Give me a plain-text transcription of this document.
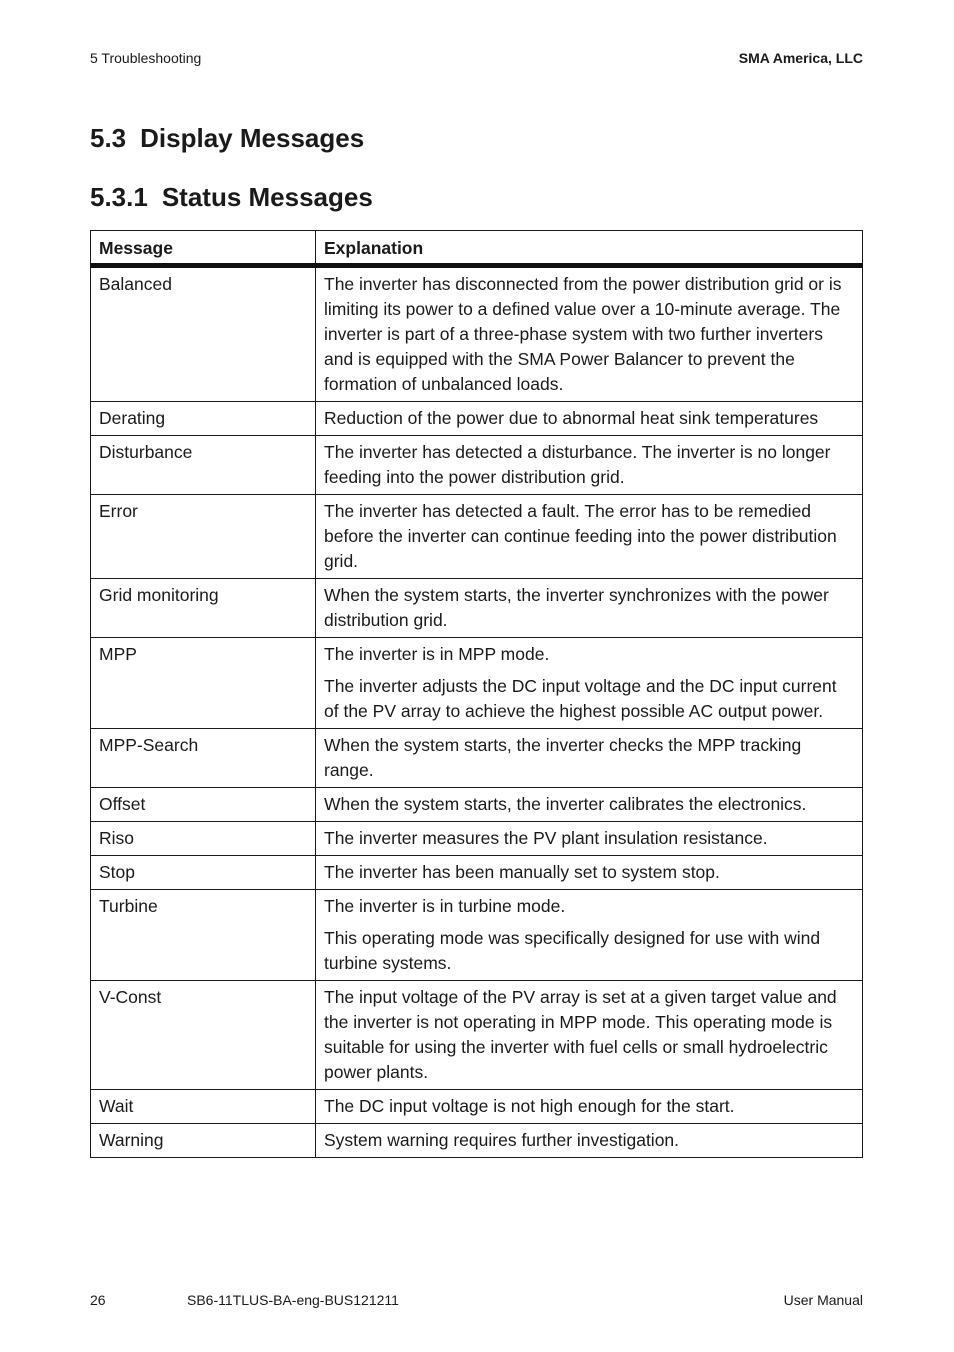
5 Troubleshooting	SMA America, LLC
5.3 Display Messages
5.3.1 Status Messages
Message	Explanation
Balanced	The inverter has disconnected from the power distribution grid or is limiting its power to a defined value over a 10-minute average. The inverter is part of a three-phase system with two further inverters and is equipped with the SMA Power Balancer to prevent the formation of unbalanced loads.

Derating	Reduction of the power due to abnormal heat sink temperatures

Disturbance	The inverter has detected a disturbance. The inverter is no longer feeding into the power distribution grid.

Error	The inverter has detected a fault. The error has to be remedied before the inverter can continue feeding into the power distribution grid.

Grid monitoring	When the system starts, the inverter synchronizes with the power distribution grid.

MPP	The inverter is in MPP mode.

The inverter adjusts the DC input voltage and the DC input current of the PV array to achieve the highest possible AC output power.

MPP-Search	When the system starts, the inverter checks the MPP tracking range.

Offset	When the system starts, the inverter calibrates the electronics.

Riso	The inverter measures the PV plant insulation resistance.

Stop	The inverter has been manually set to system stop.

Turbine	The inverter is in turbine mode.

This operating mode was specifically designed for use with wind turbine systems.

V-Const	The input voltage of the PV array is set at a given target value and the inverter is not operating in MPP mode. This operating mode is suitable for using the inverter with fuel cells or small hydroelectric power plants.

Wait	The DC input voltage is not high enough for the start.

Warning	System warning requires further investigation.

26	SB6-11TLUS-BA-eng-BUS121211	User Manual
